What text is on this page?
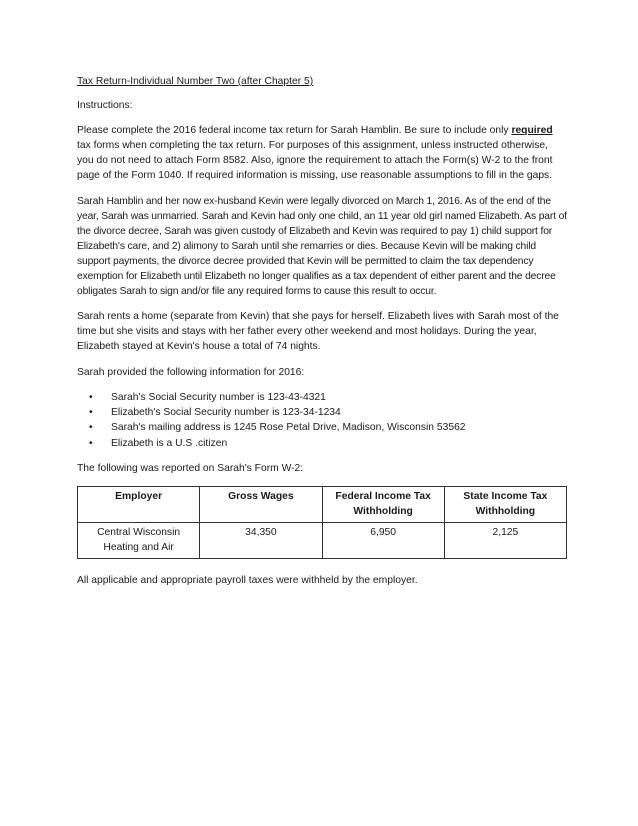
Tax Return-Individual Number Two (after Chapter 5)

Instructions:

Please complete the 2016 federal income tax return for Sarah Hamblin. Be sure to include only required tax forms when completing the tax return. For purposes of this assignment, unless instructed otherwise, you do not need to attach Form 8582. Also, ignore the requirement to attach the Form(s) W-2 to the front page of the Form 1040. If required information is missing, use reasonable assumptions to fill in the gaps.

Sarah Hamblin and her now ex-husband Kevin were legally divorced on March 1, 2016. As of the end of the year, Sarah was unmarried. Sarah and Kevin had only one child, an 11 year old girl named Elizabeth. As part of the divorce decree, Sarah was given custody of Elizabeth and Kevin was required to pay 1) child support for Elizabeth's care, and 2) alimony to Sarah until she remarries or dies. Because Kevin will be making child support payments, the divorce decree provided that Kevin will be permitted to claim the tax dependency exemption for Elizabeth until Elizabeth no longer qualifies as a tax dependent of either parent and the decree obligates Sarah to sign and/or file any required forms to cause this result to occur.

Sarah rents a home (separate from Kevin) that she pays for herself. Elizabeth lives with Sarah most of the time but she visits and stays with her father every other weekend and most holidays. During the year, Elizabeth stayed at Kevin's house a total of 74 nights.

Sarah provided the following information for 2016:

• Sarah's Social Security number is 123-43-4321
• Elizabeth's Social Security number is 123-34-1234
• Sarah's mailing address is 1245 Rose Petal Drive, Madison, Wisconsin 53562
• Elizabeth is a U.S .citizen

The following was reported on Sarah's Form W-2:

Employer	Gross Wages	Federal Income Tax Withholding	State Income Tax Withholding
Central Wisconsin Heating and Air	34,350	6,950	2,125

All applicable and appropriate payroll taxes were withheld by the employer.
